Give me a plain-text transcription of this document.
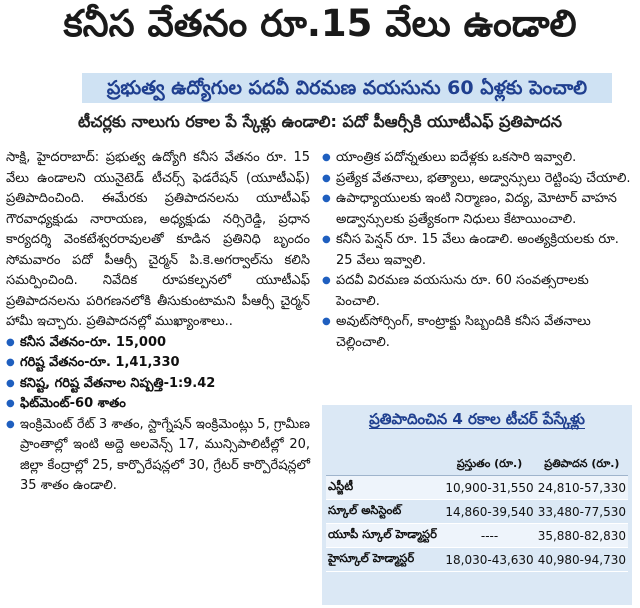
కనీస వేతనం రూ.15 వేలు ఉండాలి
ప్రభుత్వ ఉద్యోగుల పదవీ విరమణ వయసును 60 ఏళ్లకు పెంచాలి
టీచర్లకు నాలుగు రకాల పే స్కేళ్లు ఉండాలి: పదో పీఆర్సీకి యూటీఎఫ్ ప్రతిపాదన

సాక్షి, హైదరాబాద్: ప్రభుత్వ ఉద్యోగి కనీస వేతనం రూ. 15 వేలు ఉండాలని యునైటెడ్ టీచర్స్ ఫెడరేషన్ (యూటీఎఫ్) ప్రతిపాదించింది. ఈమేరకు ప్రతిపాదనలను యూటీఎఫ్ గౌరవాధ్యక్షుడు నారాయణ, అధ్యక్షుడు నర్సిరెడ్డి, ప్రధాన కార్యదర్శి వెంకటేశ్వరరావులతో కూడిన ప్రతినిధి బృందం సోమవారం పదో పీఆర్సీ చైర్మన్ పి.కె.అగర్వాల్‌ను కలిసి సమర్పించింది. నివేదిక రూపకల్పనలో యూటీఎఫ్ ప్రతిపాదనలను పరిగణనలోకి తీసుకుంటామని పీఆర్సీ చైర్మన్ హామీ ఇచ్చారు. ప్రతిపాదనల్లో ముఖ్యాంశాలు..

● కనీస వేతనం-రూ. 15,000
● గరిష్ట వేతనం-రూ. 1,41,330
● కనిష్ట, గరిష్ట వేతనాల నిష్పత్తి-1:9.42
● ఫిట్‌మెంట్-60 శాతం
● ఇంక్రిమెంట్ రేట్ 3 శాతం, స్టాగ్నేషన్ ఇంక్రిమెంట్లు 5, గ్రామీణ ప్రాంతాల్లో ఇంటి అద్దె అలవెన్స్ 17, మున్సిపాలిటీల్లో 20, జిల్లా కేంద్రాల్లో 25, కార్పొరేషన్లలో 30, గ్రేటర్ కార్పొరేషన్లలో 35 శాతం ఉండాలి.
● యాంత్రిక పదోన్నతులు ఐదేళ్లకు ఒకసారి ఇవ్వాలి.
● ప్రత్యేక వేతనాలు, భత్యాలు, అడ్వాన్సులు రెట్టింపు చేయాలి.
● ఉపాధ్యాయులకు ఇంటి నిర్మాణం, విద్య, మోటార్ వాహన అడ్వాన్సులకు ప్రత్యేకంగా నిధులు కేటాయించాలి.
● కనీస పెన్షన్ రూ. 15 వేలు ఉండాలి. అంత్యక్రియలకు రూ. 25 వేలు ఇవ్వాలి.
● పదవీ విరమణ వయసును రూ. 60 సంవత్సరాలకు పెంచాలి.
● అవుట్‌సోర్సింగ్, కాంట్రాక్టు సిబ్బందికి కనీస వేతనాలు చెల్లించాలి.
ప్రతిపాదించిన 4 రకాల టీచర్ పేస్కేళ్లు
	ప్రస్తుతం (రూ.)	ప్రతిపాదన (రూ.)
ఎస్జీటీ	10,900-31,550	24,810-57,330
స్కూల్ అసిస్టెంట్	14,860-39,540	33,480-77,530
యూపీ స్కూల్ హెడ్మాస్టర్	----	35,880-82,830
హైస్కూల్ హెడ్మాస్టర్	18,030-43,630	40,980-94,730
